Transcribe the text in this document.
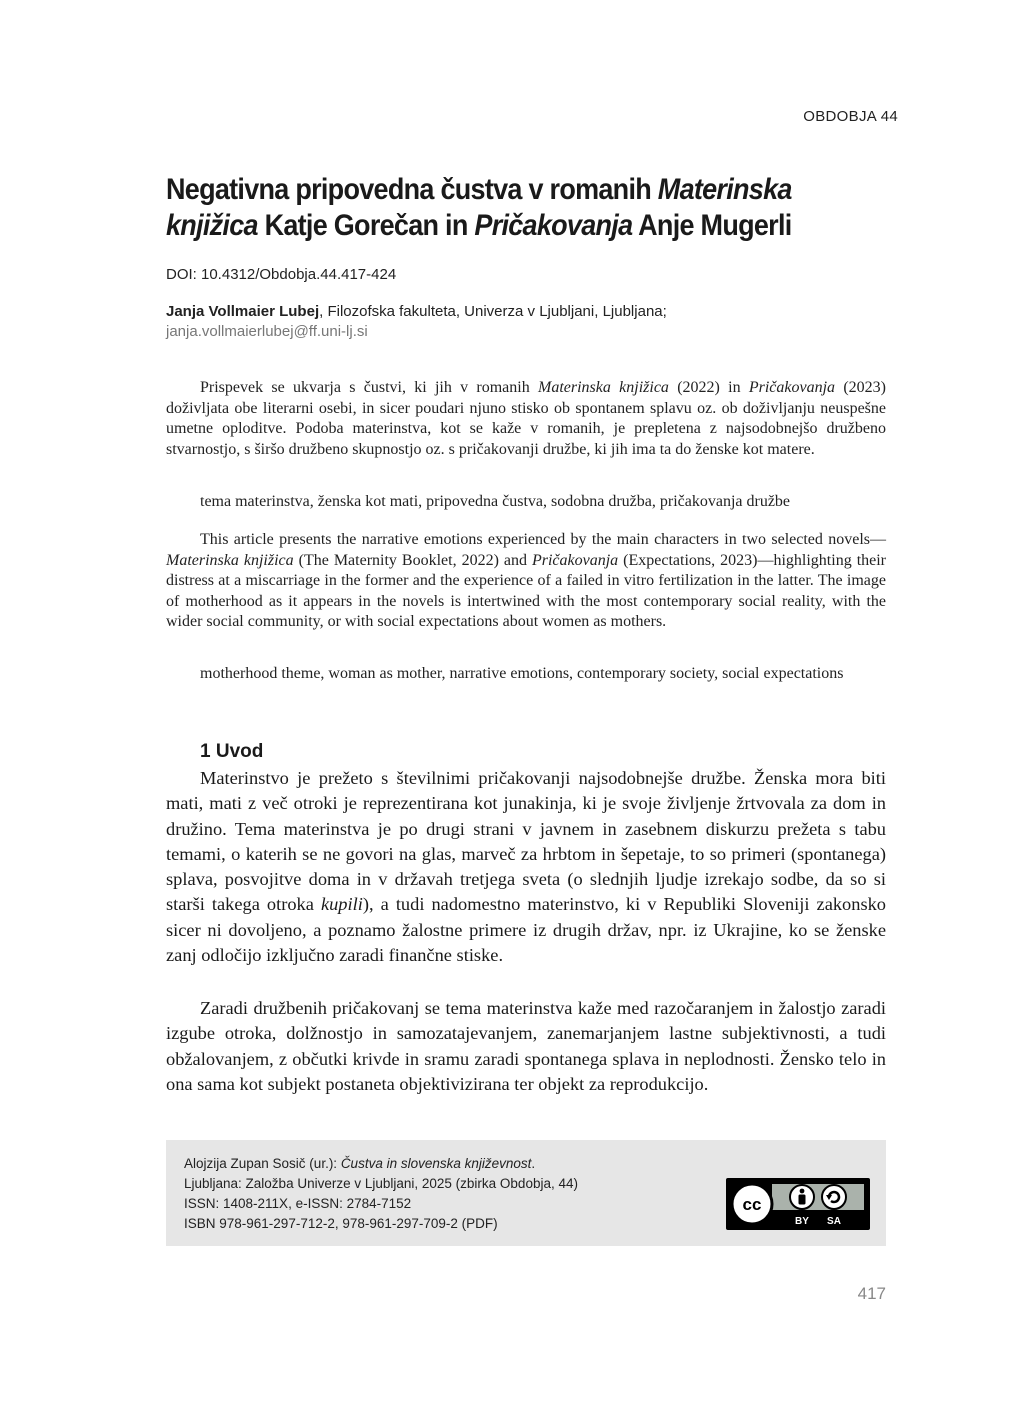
OBDOBJA 44
Negativna pripovedna čustva v romanih Materinska knjižica Katje Gorečan in Pričakovanja Anje Mugerli
DOI: 10.4312/Obdobja.44.417-424
Janja Vollmaier Lubej, Filozofska fakulteta, Univerza v Ljubljani, Ljubljana;
janja.vollmaierlubej@ff.uni-lj.si
Prispevek se ukvarja s čustvi, ki jih v romanih Materinska knjižica (2022) in Pričakovanja (2023) doživljata obe literarni osebi, in sicer poudari njuno stisko ob spontanem splavu oz. ob doživljanju neuspešne umetne oploditve. Podoba materinstva, kot se kaže v romanih, je prepletena z najsodobnejšo družbeno stvarnostjo, s širšo družbeno skupnostjo oz. s pričakovanji družbe, ki jih ima ta do ženske kot matere.
tema materinstva, ženska kot mati, pripovedna čustva, sodobna družba, pričakovanja družbe
This article presents the narrative emotions experienced by the main characters in two selected novels—Materinska knjižica (The Maternity Booklet, 2022) and Pričakovanja (Expectations, 2023)—highlighting their distress at a miscarriage in the former and the experience of a failed in vitro fertilization in the latter. The image of motherhood as it appears in the novels is intertwined with the most contemporary social reality, with the wider social community, or with social expectations about women as mothers.
motherhood theme, woman as mother, narrative emotions, contemporary society, social expectations
1 Uvod

Materinstvo je prežeto s številnimi pričakovanji najsodobnejše družbe. Ženska mora biti mati, mati z več otroki je reprezentirana kot junakinja, ki je svoje življenje žrtvovala za dom in družino. Tema materinstva je po drugi strani v javnem in zasebnem diskurzu prežeta s tabu temami, o katerih se ne govori na glas, marveč za hrbtom in šepetaje, to so primeri (spontanega) splava, posvojitve doma in v državah tretjega sveta (o slednjih ljudje izrekajo sodbe, da so si starši takega otroka kupili), a tudi nadomestno materinstvo, ki v Republiki Sloveniji zakonsko sicer ni dovoljeno, a poznamo žalostne primere iz drugih držav, npr. iz Ukrajine, ko se ženske zanj odločijo izključno zaradi finančne stiske.

Zaradi družbenih pričakovanj se tema materinstva kaže med razočaranjem in žalostjo zaradi izgube otroka, dolžnostjo in samozatajevanjem, zanemarjanjem lastne subjektivnosti, a tudi obžalovanjem, z občutki krivde in sramu zaradi spontanega splava in neplodnosti. Žensko telo in ona sama kot subjekt postaneta objektivizirana ter objekt za reprodukcijo.

Alojzija Zupan Sosič (ur.): Čustva in slovenska književnost.
Ljubljana: Založba Univerze v Ljubljani, 2025 (zbirka Obdobja, 44)
ISSN: 1408-211X, e-ISSN: 2784-7152
ISBN 978-961-297-712-2, 978-961-297-709-2 (PDF)
cc
BY SA
417
